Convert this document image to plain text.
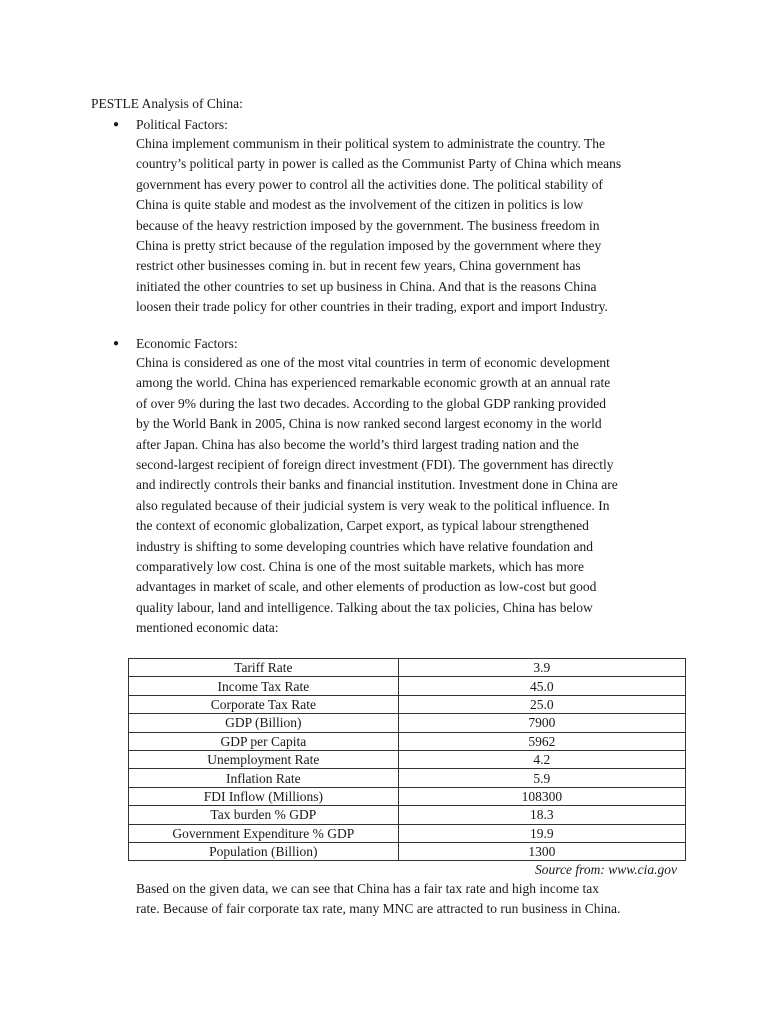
PESTLE Analysis of China:
● Political Factors:

China implement communism in their political system to administrate the country. The
country’s political party in power is called as the Communist Party of China which means
government has every power to control all the activities done. The political stability of
China is quite stable and modest as the involvement of the citizen in politics is low
because of the heavy restriction imposed by the government. The business freedom in
China is pretty strict because of the regulation imposed by the government where they
restrict other businesses coming in. but in recent few years, China government has
initiated the other countries to set up business in China. And that is the reasons China
loosen their trade policy for other countries in their trading, export and import Industry.

● Economic Factors:

China is considered as one of the most vital countries in term of economic development
among the world. China has experienced remarkable economic growth at an annual rate
of over 9% during the last two decades. According to the global GDP ranking provided
by the World Bank in 2005, China is now ranked second largest economy in the world
after Japan. China has also become the world’s third largest trading nation and the
second-largest recipient of foreign direct investment (FDI). The government has directly
and indirectly controls their banks and financial institution. Investment done in China are
also regulated because of their judicial system is very weak to the political influence. In
the context of economic globalization, Carpet export, as typical labour strengthened
industry is shifting to some developing countries which have relative foundation and
comparatively low cost. China is one of the most suitable markets, which has more
advantages in market of scale, and other elements of production as low-cost but good
quality labour, land and intelligence. Talking about the tax policies, China has below
mentioned economic data:

Tariff Rate	3.9
Income Tax Rate	45.0
Corporate Tax Rate	25.0
GDP (Billion)	7900
GDP per Capita	5962
Unemployment Rate	4.2
Inflation Rate	5.9
FDI Inflow (Millions)	108300
Tax burden % GDP	18.3
Government Expenditure % GDP	19.9
Population (Billion)	1300
Source from: www.cia.gov
Based on the given data, we can see that China has a fair tax rate and high income tax
rate. Because of fair corporate tax rate, many MNC are attracted to run business in China.
